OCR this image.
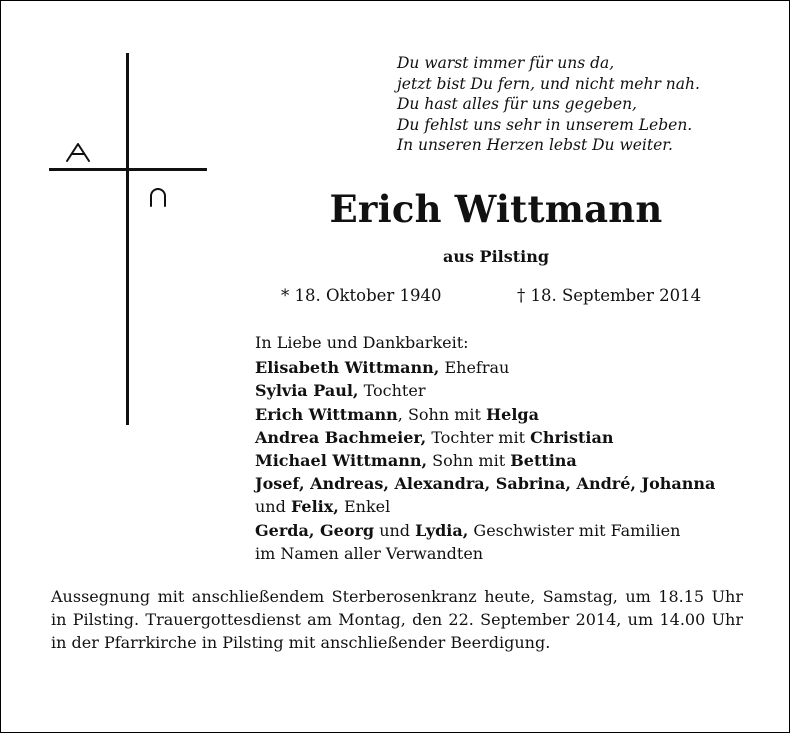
Du warst immer für uns da,
jetzt bist Du fern, und nicht mehr nah.
Du hast alles für uns gegeben,
Du fehlst uns sehr in unserem Leben.
In unseren Herzen lebst Du weiter.
Erich Wittmann
aus Pilsting
* 18. Oktober 1940	† 18. September 2014
In Liebe und Dankbarkeit:
Elisabeth Wittmann, Ehefrau
Sylvia Paul, Tochter
Erich Wittmann, Sohn mit Helga
Andrea Bachmeier, Tochter mit Christian
Michael Wittmann, Sohn mit Bettina
Josef, Andreas, Alexandra, Sabrina, André, Johanna
und Felix, Enkel
Gerda, Georg und Lydia, Geschwister mit Familien
im Namen aller Verwandten
Aussegnung mit anschließendem Sterberosenkranz heute, Samstag, um 18.15 Uhr in Pilsting. Trauergottesdienst am Montag, den 22. September 2014, um 14.00 Uhr in der Pfarrkirche in Pilsting mit anschließender Beerdigung.
